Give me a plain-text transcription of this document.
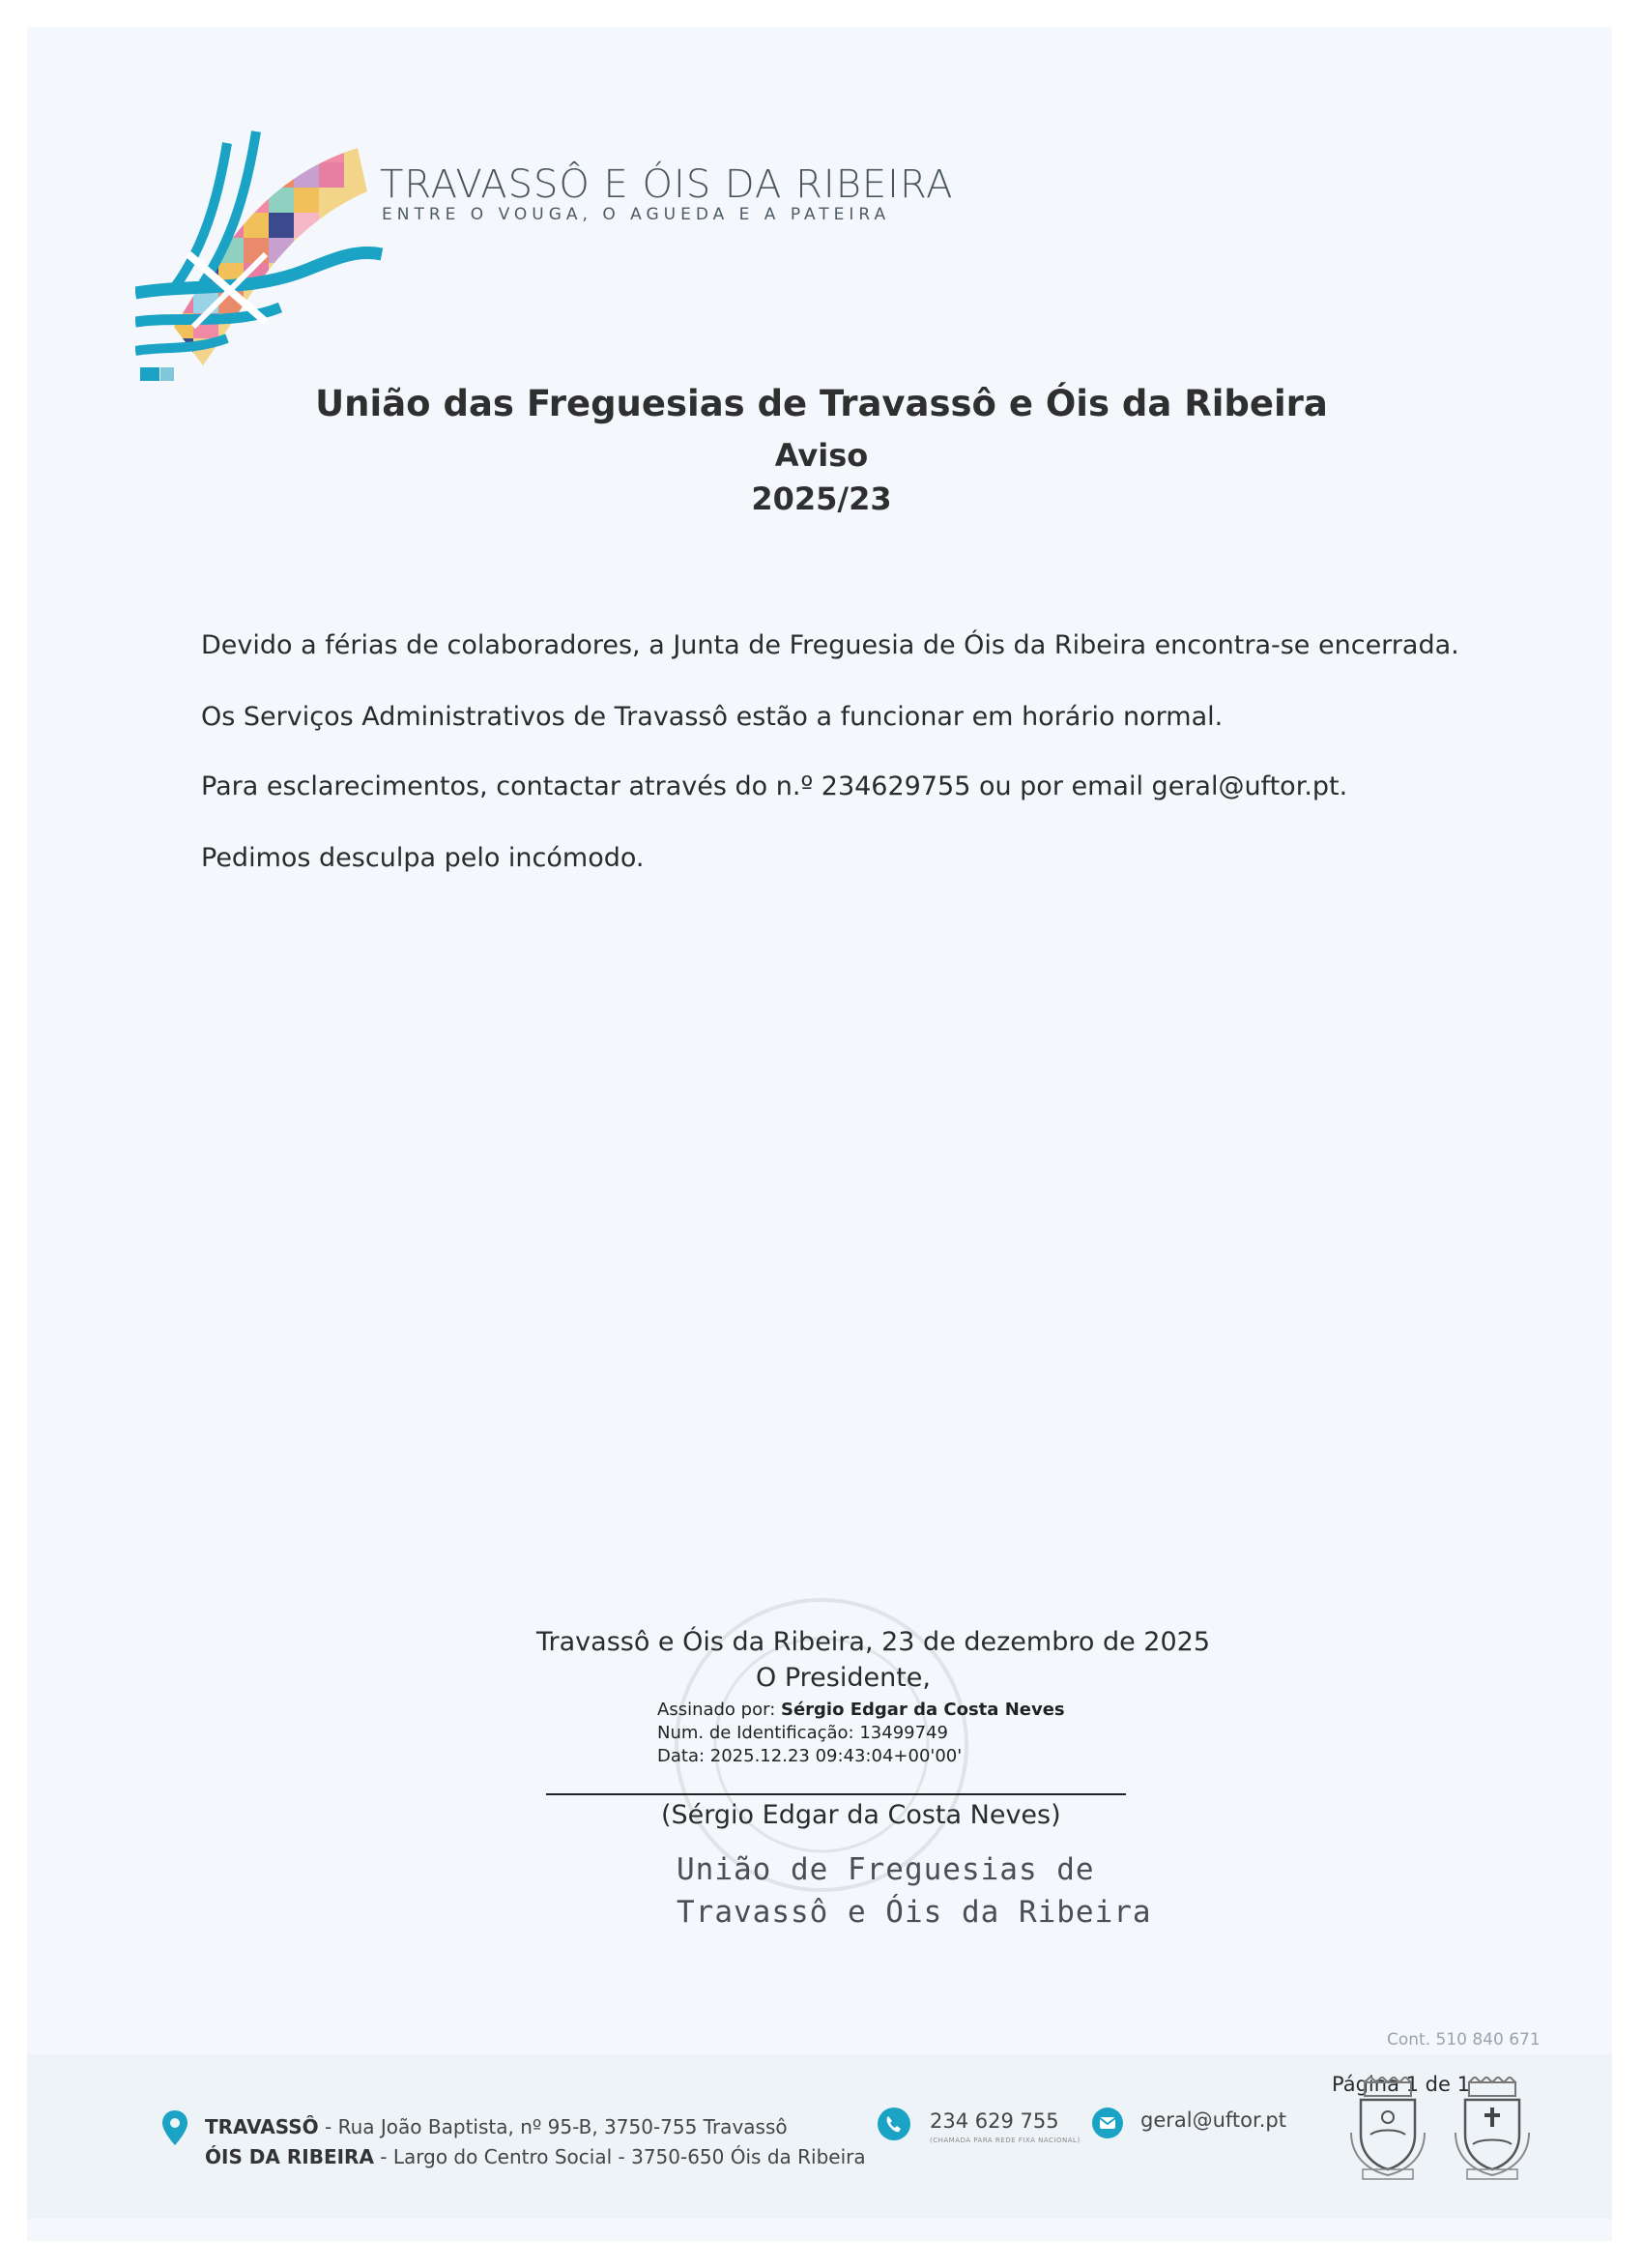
TRAVASSÔ E ÓIS DA RIBEIRA
ENTRE O VOUGA, O AGUEDA E A PATEIRA
União das Freguesias de Travassô e Óis da Ribeira
Aviso
2025/23
Devido a férias de colaboradores, a Junta de Freguesia de Óis da Ribeira encontra-se encerrada.
Os Serviços Administrativos de Travassô estão a funcionar em horário normal.
Para esclarecimentos, contactar através do n.º 234629755 ou por email geral@uftor.pt.
Pedimos desculpa pelo incómodo.
Travassô e Óis da Ribeira, 23 de dezembro de 2025
O Presidente,
Assinado por: Sérgio Edgar da Costa Neves
Num. de Identificação: 13499749
Data: 2025.12.23 09:43:04+00'00'
(Sérgio Edgar da Costa Neves)
União de Freguesias de
Travassô e Óis da Ribeira
Cont. 510 840 671
Página 1 de 1
TRAVASSÔ - Rua João Baptista, nº 95-B, 3750-755 Travassô
ÓIS DA RIBEIRA - Largo do Centro Social - 3750-650 Óis da Ribeira
234 629 755
(CHAMADA PARA REDE FIXA NACIONAL)
geral@uftor.pt
